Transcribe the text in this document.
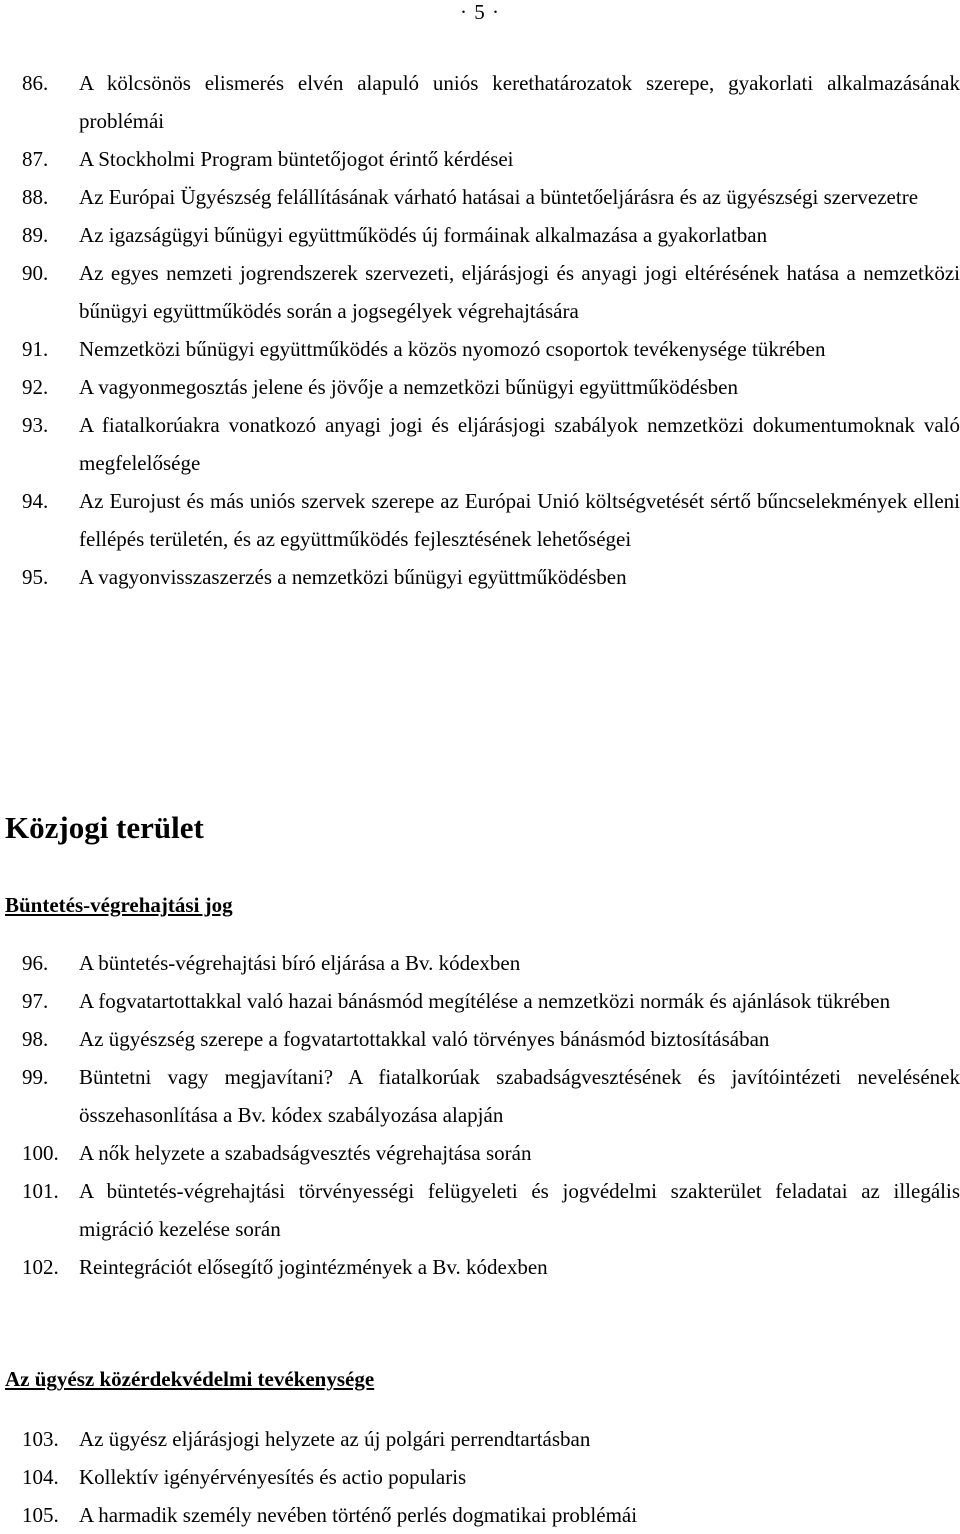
· 5 ·
86.	A kölcsönös elismerés elvén alapuló uniós kerethatározatok szerepe, gyakorlati alkalmazásának problémái
87.	A Stockholmi Program büntetőjogot érintő kérdései
88.	Az Európai Ügyészség felállításának várható hatásai a büntetőeljárásra és az ügyészségi szervezetre
89.	Az igazságügyi bűnügyi együttműködés új formáinak alkalmazása a gyakorlatban
90.	Az egyes nemzeti jogrendszerek szervezeti, eljárásjogi és anyagi jogi eltérésének hatása a nemzetközi bűnügyi együttműködés során a jogsegélyek végrehajtására
91.	Nemzetközi bűnügyi együttműködés a közös nyomozó csoportok tevékenysége tükrében
92.	A vagyonmegosztás jelene és jövője a nemzetközi bűnügyi együttműködésben
93.	A fiatalkorúakra vonatkozó anyagi jogi és eljárásjogi szabályok nemzetközi dokumentumoknak való megfelelősége
94.	Az Eurojust és más uniós szervek szerepe az Európai Unió költségvetését sértő bűncselekmények elleni fellépés területén, és az együttműködés fejlesztésének lehetőségei
95.	A vagyonvisszaszerzés a nemzetközi bűnügyi együttműködésben
Közjogi terület
Büntetés-végrehajtási jog
96.	A büntetés-végrehajtási bíró eljárása a Bv. kódexben
97.	A fogvatartottakkal való hazai bánásmód megítélése a nemzetközi normák és ajánlások tükrében
98.	Az ügyészség szerepe a fogvatartottakkal való törvényes bánásmód biztosításában
99.	Büntetni vagy megjavítani? A fiatalkorúak szabadságvesztésének és javítóintézeti nevelésének összehasonlítása a Bv. kódex szabályozása alapján
100. A nők helyzete a szabadságvesztés végrehajtása során
101. A büntetés-végrehajtási törvényességi felügyeleti és jogvédelmi szakterület feladatai az illegális migráció kezelése során
102. Reintegrációt elősegítő jogintézmények a Bv. kódexben
Az ügyész közérdekvédelmi tevékenysége
103. Az ügyész eljárásjogi helyzete az új polgári perrendtartásban
104. Kollektív igényérvényesítés és actio popularis
105. A harmadik személy nevében történő perlés dogmatikai problémái
